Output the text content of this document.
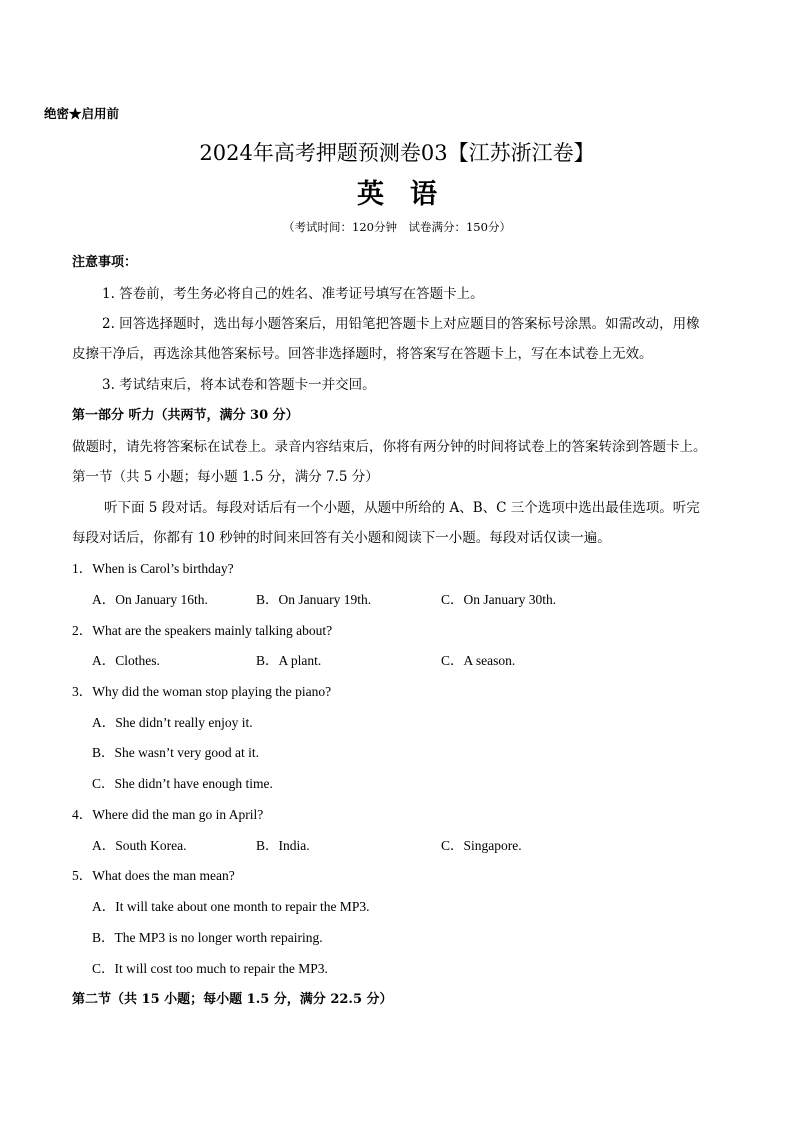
绝密★启用前
2024年高考押题预测卷03【江苏浙江卷】
英语
（考试时间：120分钟　试卷满分：150分）
注意事项：
1. 答卷前，考生务必将自己的姓名、准考证号填写在答题卡上。
2. 回答选择题时，选出每小题答案后，用铅笔把答题卡上对应题目的答案标号涂黑。如需改动，用橡
皮擦干净后，再选涂其他答案标号。回答非选择题时，将答案写在答题卡上，写在本试卷上无效。
3. 考试结束后，将本试卷和答题卡一并交回。
第一部分 听力（共两节，满分 30 分）
做题时，请先将答案标在试卷上。录音内容结束后，你将有两分钟的时间将试卷上的答案转涂到答题卡上。
第一节（共 5 小题；每小题 1.5 分，满分 7.5 分）
听下面 5 段对话。每段对话后有一个小题，从题中所给的 A、B、C 三个选项中选出最佳选项。听完
每段对话后，你都有 10 秒钟的时间来回答有关小题和阅读下一小题。每段对话仅读一遍。
1．When is Carol’s birthday?
A．On January 16th.	B．On January 19th.	C．On January 30th.
2．What are the speakers mainly talking about?
A．Clothes.	B．A plant.	C．A season.
3．Why did the woman stop playing the piano?
A．She didn’t really enjoy it.
B．She wasn’t very good at it.
C．She didn’t have enough time.
4．Where did the man go in April?
A．South Korea.	B．India.	C．Singapore.
5．What does the man mean?
A．It will take about one month to repair the MP3.
B．The MP3 is no longer worth repairing.
C．It will cost too much to repair the MP3.
第二节（共 15 小题；每小题 1.5 分，满分 22.5 分）
